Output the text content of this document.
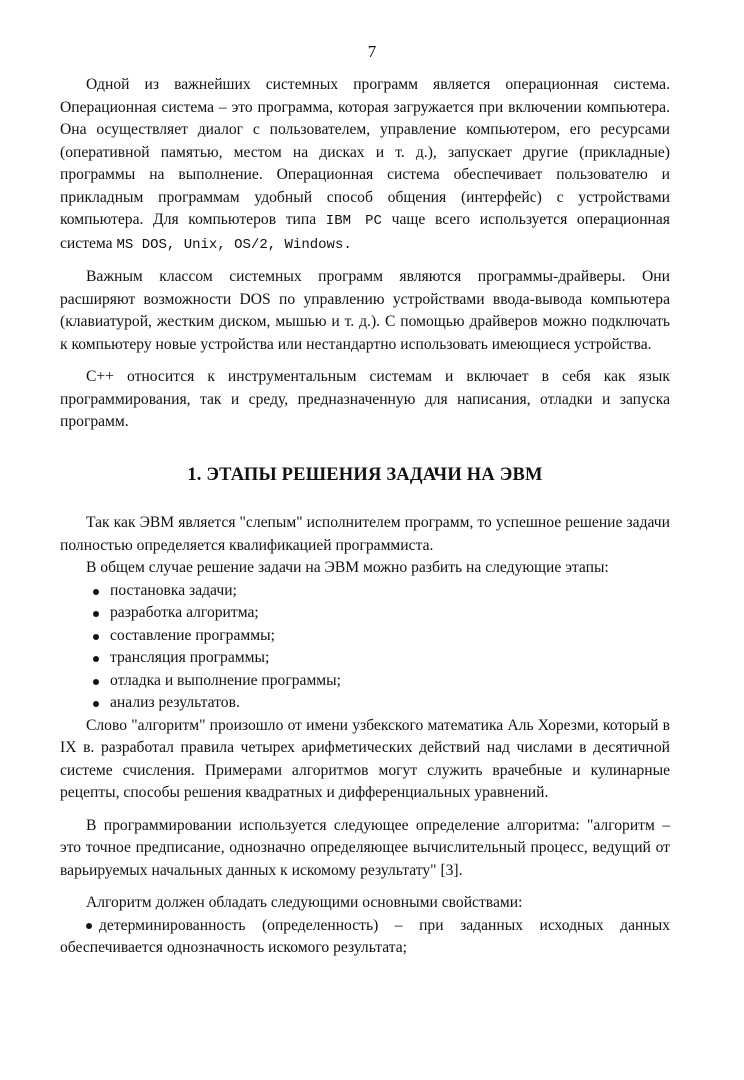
7

Одной из важнейших системных программ является операционная система. Операционная система – это программа, которая загружается при включении компьютера. Она осуществляет диалог с пользователем, управление компьютером, его ресурсами (оперативной памятью, местом на дисках и т. д.), запускает другие (прикладные) программы на выполнение. Операционная система обеспечивает пользователю и прикладным программам удобный способ общения (интерфейс) с устройствами компьютера. Для компьютеров типа IBM PC чаще всего используется операционная система MS DOS, Unix, OS/2, Windows.

Важным классом системных программ являются программы-драйверы. Они расширяют возможности DOS по управлению устройствами ввода-вывода компьютера (клавиатурой, жестким диском, мышью и т. д.). С помощью драйверов можно подключать к компьютеру новые устройства или нестандартно использовать имеющиеся устройства.

С++ относится к инструментальным системам и включает в себя как язык программирования, так и среду, предназначенную для написания, отладки и запуска программ.

1. ЭТАПЫ РЕШЕНИЯ ЗАДАЧИ НА ЭВМ

Так как ЭВМ является "слепым" исполнителем программ, то успешное решение задачи полностью определяется квалификацией программиста.

В общем случае решение задачи на ЭВМ можно разбить на следующие этапы:

постановка задачи;
разработка алгоритма;
составление программы;
трансляция программы;
отладка и выполнение программы;
анализ результатов.

Слово "алгоритм" произошло от имени узбекского математика Аль Хорезми, который в IX в. разработал правила четырех арифметических действий над числами в десятичной системе счисления. Примерами алгоритмов могут служить врачебные и кулинарные рецепты, способы решения квадратных и дифференциальных уравнений.

В программировании используется следующее определение алгоритма: "алгоритм – это точное предписание, однозначно определяющее вычислительный процесс, ведущий от варьируемых начальных данных к искомому результату" [3].

Алгоритм должен обладать следующими основными свойствами:

детерминированность (определенность) – при заданных исходных данных обеспечивается однозначность искомого результата;
